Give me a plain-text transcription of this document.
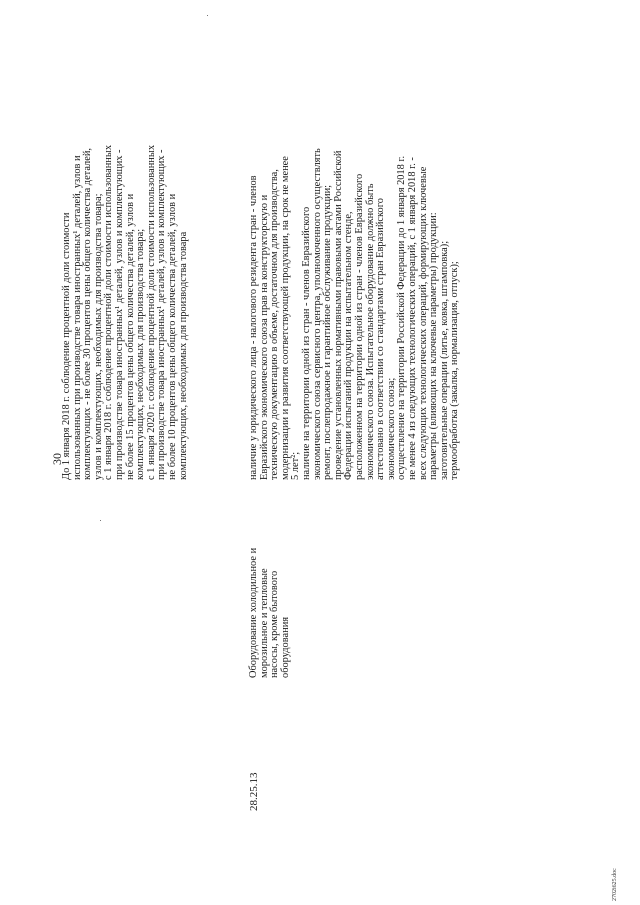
30
До 1 января 2018 г. соблюдение процентной доли стоимости использованных при производстве товара иностранных¹ деталей, узлов и комплектующих - не более 30 процентов цены общего количества деталей, узлов и комплектующих, необходимых для производства товара; с 1 января 2018 г. соблюдение процентной доли стоимости использованных при производстве товара иностранных¹ деталей, узлов и комплектующих - не более 15 процентов цены общего количества деталей, узлов и комплектующих, необходимых для производства товара; с 1 января 2020 г. соблюдение процентной доли стоимости использованных при производстве товара иностранных¹ деталей, узлов и комплектующих - не более 10 процентов цены общего количества деталей, узлов и комплектующих, необходимых для производства товара
28.25.13
Оборудование холодильное и морозильное и тепловые насосы, кроме бытового оборудования
наличие у юридического лица - налогового резидента стран - членов Евразийского экономического союза прав на конструкторскую и техническую документацию в объеме, достаточном для производства, модернизации и развития соответствующей продукции, на срок не менее 5 лет²; наличие на территории одной из стран - членов Евразийского экономического союза сервисного центра, уполномоченного осуществлять ремонт, послепродажное и гарантийное обслуживание продукции; проведение установленных нормативными правовыми актами Российской Федерации испытаний продукции на испытательном стенде, расположенном на территории одной из стран - членов Евразийского экономического союза. Испытательное оборудование должно быть аттестовано в соответствии со стандартами стран Евразийского экономического союза; осуществление на территории Российской Федерации до 1 января 2018 г. не менее 4 из следующих технологических операций, с 1 января 2018 г. - всех следующих технологических операций, формирующих ключевые параметры (влияющих на ключевые параметры) продукции: заготовительные операции (литье, ковка, штамповка); термообработка (закалка, нормализация, отпуск);
2702i625.doc
